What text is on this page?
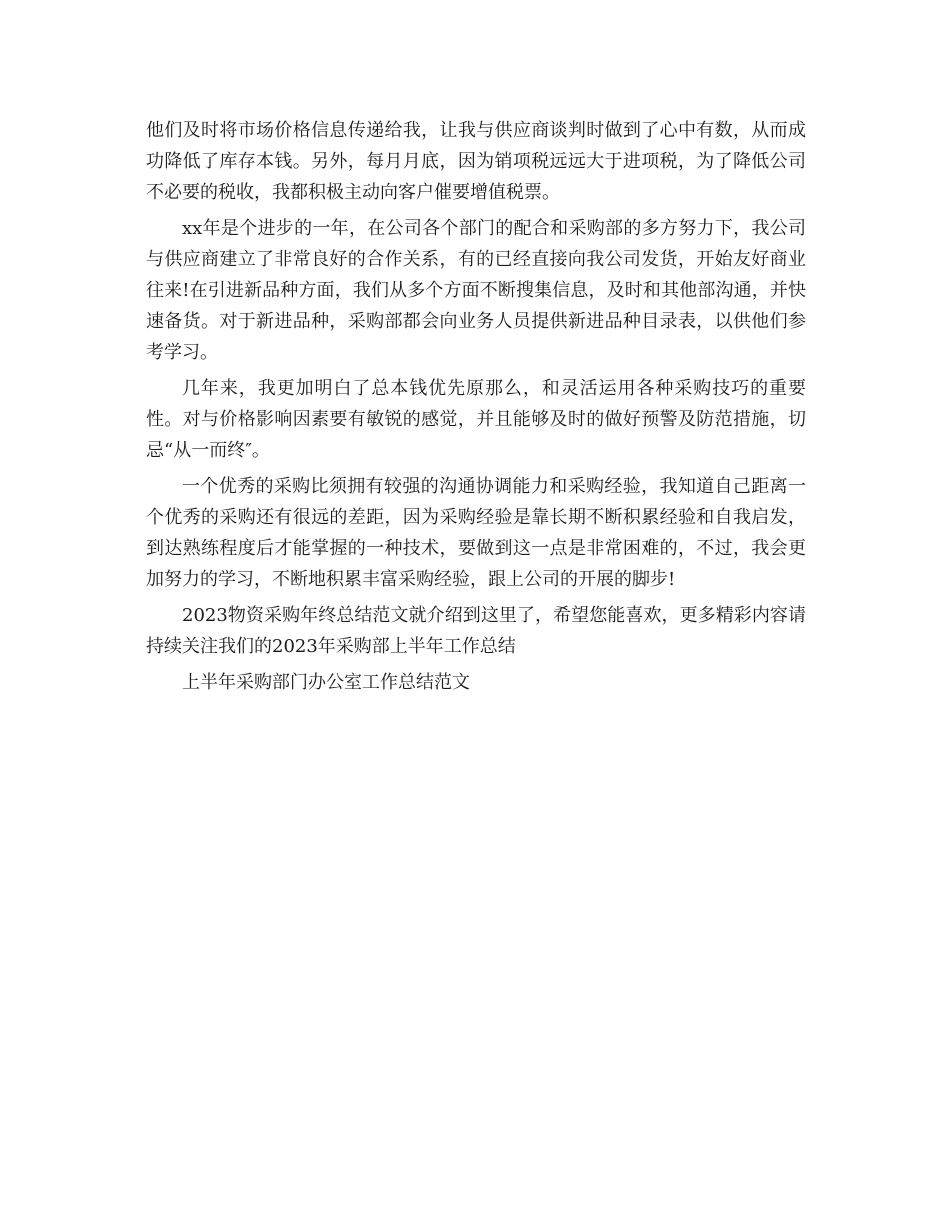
他们及时将市场价格信息传递给我，让我与供应商谈判时做到了心中有数，从而成功降低了库存本钱。另外，每月月底，因为销项税远远大于进项税，为了降低公司不必要的税收，我都积极主动向客户催要增值税票。

xx年是个进步的一年，在公司各个部门的配合和采购部的多方努力下，我公司与供应商建立了非常良好的合作关系，有的已经直接向我公司发货，开始友好商业往来!在引进新品种方面，我们从多个方面不断搜集信息，及时和其他部沟通，并快速备货。对于新进品种，采购部都会向业务人员提供新进品种目录表，以供他们参考学习。

几年来，我更加明白了总本钱优先原那么，和灵活运用各种采购技巧的重要性。对与价格影响因素要有敏锐的感觉，并且能够及时的做好预警及防范措施，切忌“从一而终″。

一个优秀的采购比须拥有较强的沟通协调能力和采购经验，我知道自己距离一个优秀的采购还有很远的差距，因为采购经验是靠长期不断积累经验和自我启发，到达熟练程度后才能掌握的一种技术，要做到这一点是非常困难的，不过，我会更加努力的学习，不断地积累丰富采购经验，跟上公司的开展的脚步!

2023物资采购年终总结范文就介绍到这里了，希望您能喜欢，更多精彩内容请持续关注我们的2023年采购部上半年工作总结

上半年采购部门办公室工作总结范文
